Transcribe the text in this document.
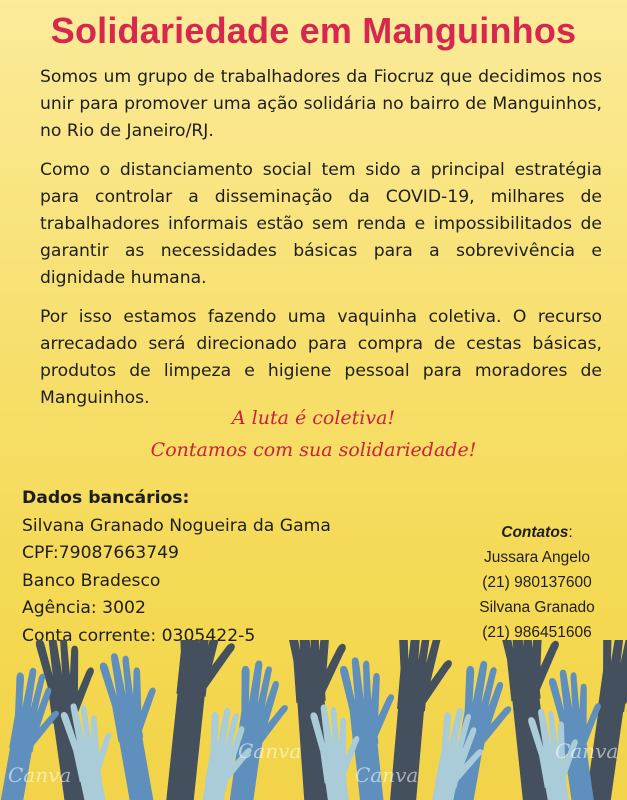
Solidariedade em Manguinhos

Somos um grupo de trabalhadores da Fiocruz que decidimos nos unir para promover uma ação solidária no bairro de Manguinhos, no Rio de Janeiro/RJ.

Como o distanciamento social tem sido a principal estratégia para controlar a disseminação da COVID-19, milhares de trabalhadores informais estão sem renda e impossibilitados de garantir as necessidades básicas para a sobrevivência e dignidade humana.

Por isso estamos fazendo uma vaquinha coletiva. O recurso arrecadado será direcionado para compra de cestas básicas, produtos de limpeza e higiene pessoal para moradores de Manguinhos.

A luta é coletiva!
Contamos com sua solidariedade!
Dados bancários:
Silvana Granado Nogueira da Gama
CPF:79087663749
Banco Bradesco
Agência: 3002
Conta corrente: 0305422-5
Contatos:
Jussara Angelo
(21) 980137600
Silvana Granado
(21) 986451606
Canva
Canva
Canva
Canva
